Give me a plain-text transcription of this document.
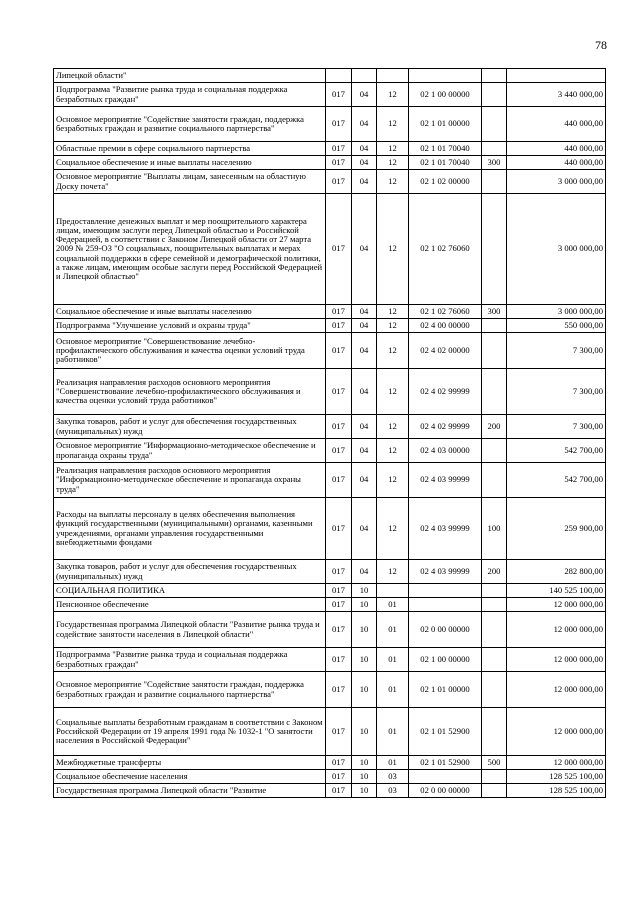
78
Липецкой области"						
Подпрограмма "Развитие рынка труда и социальная поддержка безработных граждан"	017	04	12	02 1 00 00000		3 440 000,00
Основное мероприятие "Содействие занятости граждан, поддержка безработных граждан и развитие социального партнерства"	017	04	12	02 1 01 00000		440 000,00
Областные премии в сфере социального партнерства	017	04	12	02 1 01 70040		440 000,00
Социальное обеспечение и иные выплаты населению	017	04	12	02 1 01 70040	300	440 000,00
Основное мероприятие "Выплаты лицам, занесенным на областную Доску почета"	017	04	12	02 1 02 00000		3 000 000,00
Предоставление денежных выплат и мер поощрительного характера лицам, имеющим заслуги перед Липецкой областью и Российской Федерацией, в соответствии с Законом Липецкой области от 27 марта 2009 № 259-ОЗ "О социальных, поощрительных выплатах и мерах социальной поддержки в сфере семейной и демографической политики, а также лицам, имеющим особые заслуги перед Российской Федерацией и Липецкой областью"	017	04	12	02 1 02 76060		3 000 000,00
Социальное обеспечение и иные выплаты населению	017	04	12	02 1 02 76060	300	3 000 000,00
Подпрограмма "Улучшение условий и охраны труда"	017	04	12	02 4 00 00000		550 000,00
Основное мероприятие "Совершенствование лечебно-профилактического обслуживания и качества оценки условий труда работников"	017	04	12	02 4 02 00000		7 300,00
Реализация направления расходов основного мероприятия "Совершенствование лечебно-профилактического обслуживания и качества оценки условий труда работников"	017	04	12	02 4 02 99999		7 300,00
Закупка товаров, работ и услуг для обеспечения государственных (муниципальных) нужд	017	04	12	02 4 02 99999	200	7 300,00
Основное мероприятие "Информационно-методическое обеспечение и пропаганда охраны труда"	017	04	12	02 4 03 00000		542 700,00
Реализация направления расходов основного мероприятия "Информационно-методическое обеспечение и пропаганда охраны труда"	017	04	12	02 4 03 99999		542 700,00
Расходы на выплаты персоналу в целях обеспечения выполнения функций государственными (муниципальными) органами, казенными учреждениями, органами управления государственными внебюджетными фондами	017	04	12	02 4 03 99999	100	259 900,00
Закупка товаров, работ и услуг для обеспечения государственных (муниципальных) нужд	017	04	12	02 4 03 99999	200	282 800,00
СОЦИАЛЬНАЯ ПОЛИТИКА	017	10				140 525 100,00
Пенсионное обеспечение	017	10	01			12 000 000,00
Государственная программа Липецкой области "Развитие рынка труда и содействие занятости населения в Липецкой области"	017	10	01	02 0 00 00000		12 000 000,00
Подпрограмма "Развитие рынка труда и социальная поддержка безработных граждан"	017	10	01	02 1 00 00000		12 000 000,00
Основное мероприятие "Содействие занятости граждан, поддержка безработных граждан и развитие социального партнерства"	017	10	01	02 1 01 00000		12 000 000,00
Социальные выплаты безработным гражданам в соответствии с Законом Российской Федерации от 19 апреля 1991 года № 1032-1 "О занятости населения в Российской Федерации"	017	10	01	02 1 01 52900		12 000 000,00
Межбюджетные трансферты	017	10	01	02 1 01 52900	500	12 000 000,00
Социальное обеспечение населения	017	10	03			128 525 100,00
Государственная программа Липецкой области "Развитие	017	10	03	02 0 00 00000		128 525 100,00
